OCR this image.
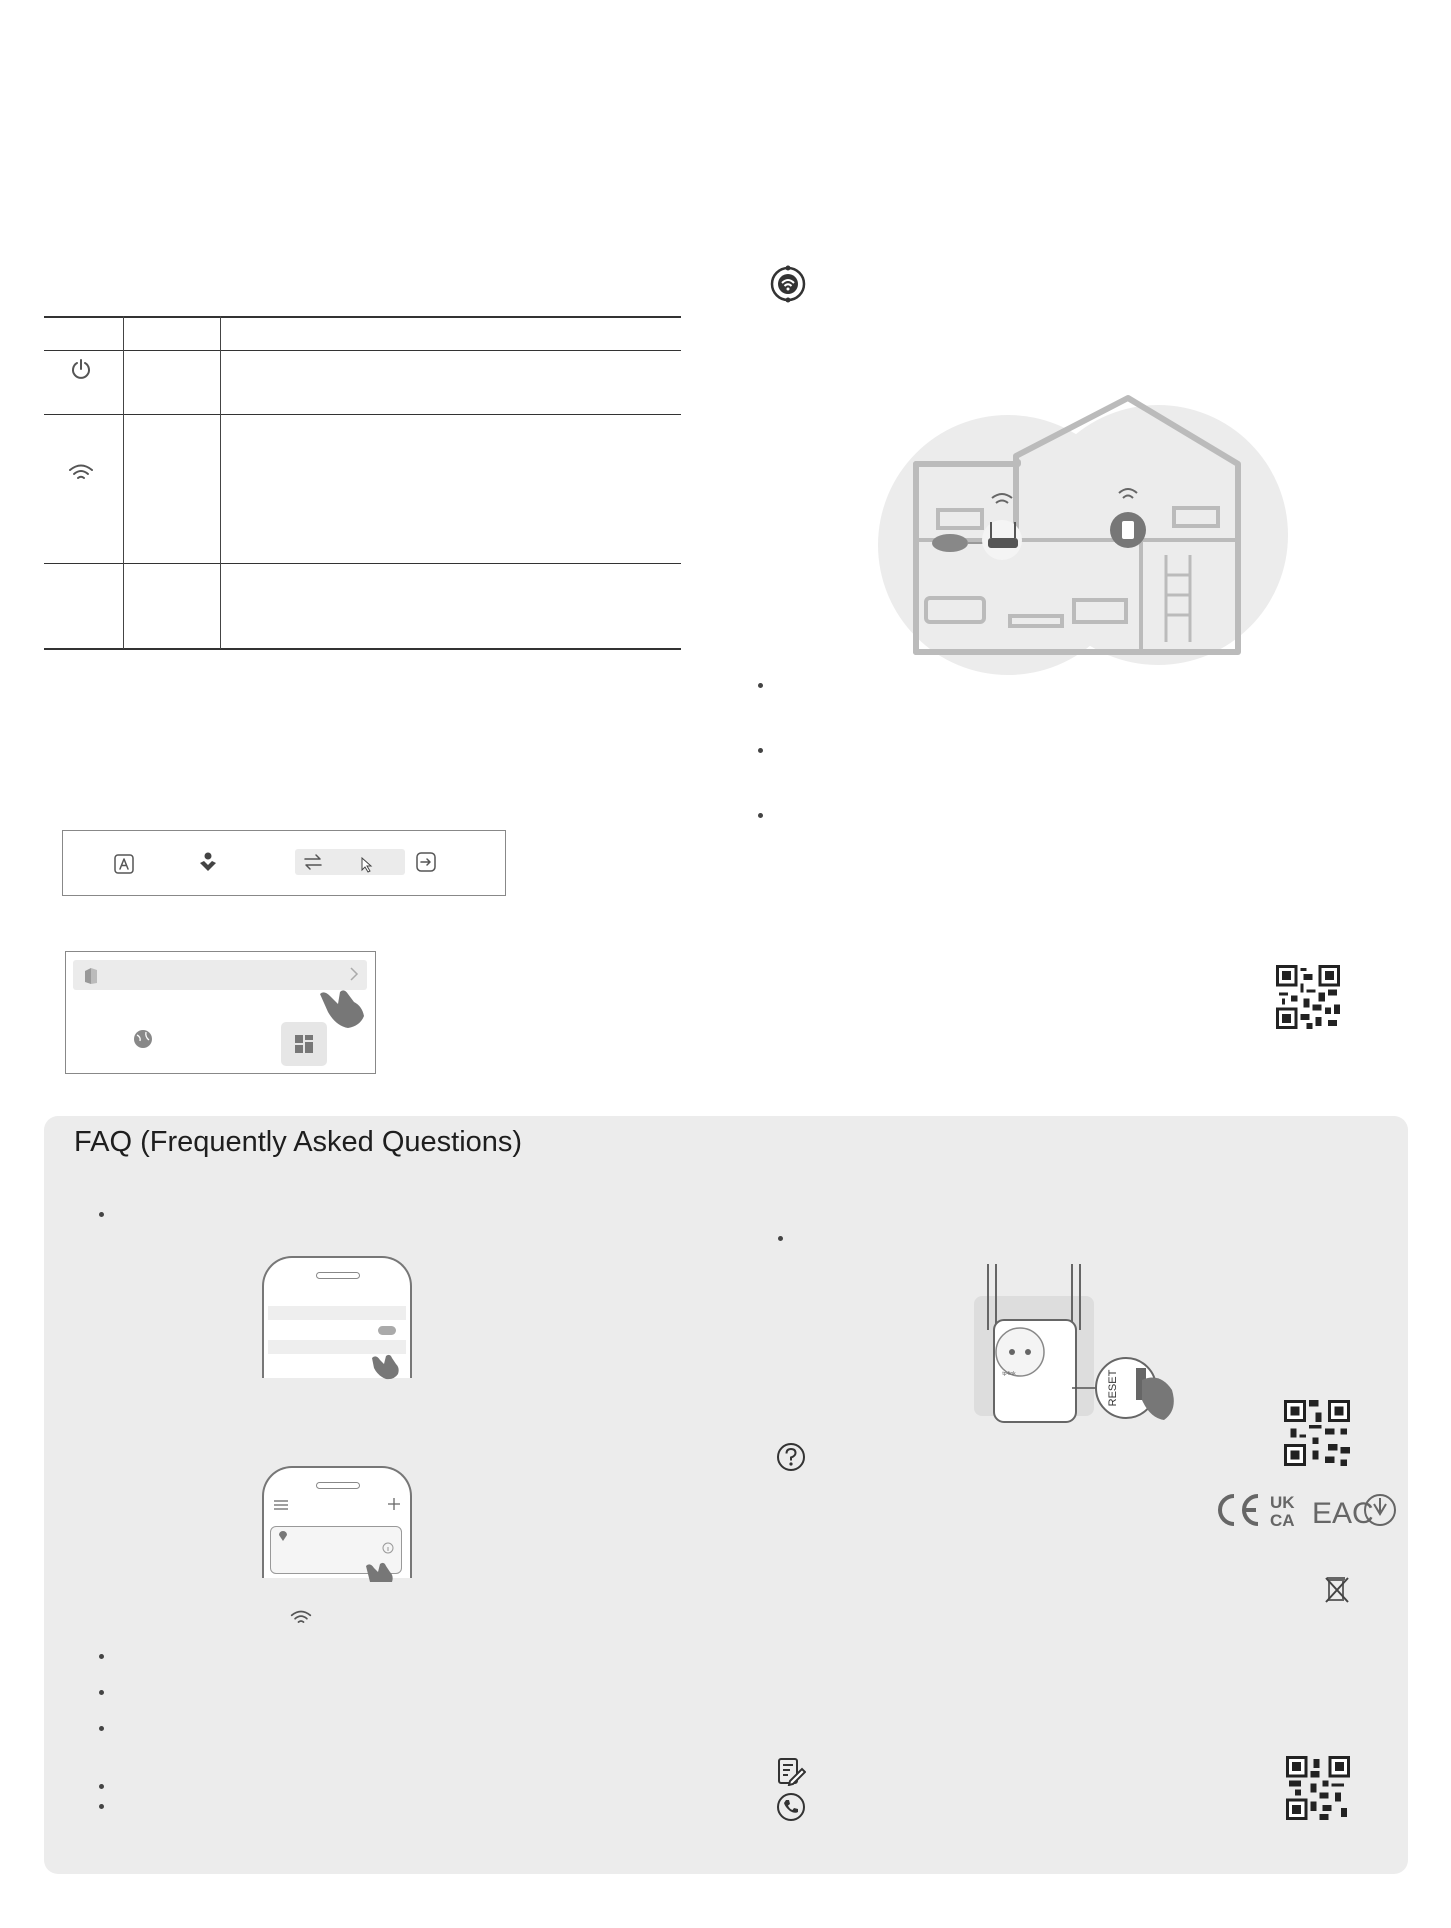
FAQ (Frequently Asked Questions)
tp-link	RESET
UK
CA EAC
